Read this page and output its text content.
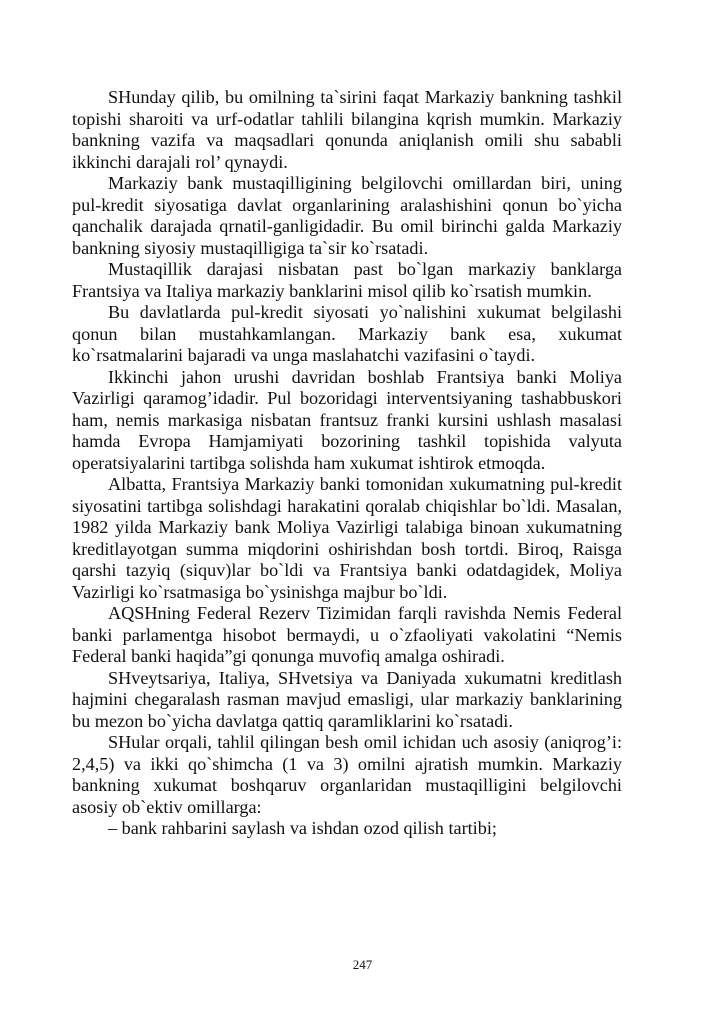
SHunday qilib, bu omilning ta`sirini faqat Markaziy bankning tashkil topishi sharoiti va urf-odatlar tahlili bilangina kqrish mumkin. Markaziy bankning vazifa va maqsadlari qonunda aniqlanish omili shu sababli ikkinchi darajali rol’ qynaydi.

Markaziy bank mustaqilligining belgilovchi omillardan biri, uning pul-kredit siyosatiga davlat organlarining aralashishini qonun bo`yicha qanchalik darajada qrnatil-ganligidadir. Bu omil birinchi galda Markaziy bankning siyosiy mustaqilligiga ta`sir ko`rsatadi.

Mustaqillik darajasi nisbatan past bo`lgan markaziy banklarga Frantsiya va Italiya markaziy banklarini misol qilib ko`rsatish mumkin.

Bu davlatlarda pul-kredit siyosati yo`nalishini xukumat belgilashi qonun bilan mustahkamlangan. Markaziy bank esa, xukumat ko`rsatmalarini bajaradi va unga maslahatchi vazifasini o`taydi.

Ikkinchi jahon urushi davridan boshlab Frantsiya banki Moliya Vazirligi qaramog’idadir. Pul bozoridagi interventsiyaning tashabbuskori ham, nemis markasiga nisbatan frantsuz franki kursini ushlash masalasi hamda Evropa Hamjamiyati bozorining tashkil topishida valyuta operatsiyalarini tartibga solishda ham xukumat ishtirok etmoqda.

Albatta, Frantsiya Markaziy banki tomonidan xukumatning pul-kredit siyosatini tartibga solishdagi harakatini qoralab chiqishlar bo`ldi. Masalan, 1982 yilda Markaziy bank Moliya Vazirligi talabiga binoan xukumatning kreditlayotgan summa miqdorini oshirishdan bosh tortdi. Biroq, Raisga qarshi tazyiq (siquv)lar bo`ldi va Frantsiya banki odatdagidek, Moliya Vazirligi ko`rsatmasiga bo`ysinishga majbur bo`ldi.

AQSHning Federal Rezerv Tizimidan farqli ravishda Nemis Federal banki parlamentga hisobot bermaydi, u o`zfaoliyati vakolatini “Nemis Federal banki haqida”gi qonunga muvofiq amalga oshiradi.

SHveytsariya, Italiya, SHvetsiya va Daniyada xukumatni kreditlash hajmini chegaralash rasman mavjud emasligi, ular markaziy banklarining bu mezon bo`yicha davlatga qattiq qaramliklarini ko`rsatadi.

SHular orqali, tahlil qilingan besh omil ichidan uch asosiy (aniqrog’i: 2,4,5) va ikki qo`shimcha (1 va 3) omilni ajratish mumkin. Markaziy bankning xukumat boshqaruv organlaridan mustaqilligini belgilovchi asosiy ob`ektiv omillarga:

– bank rahbarini saylash va ishdan ozod qilish tartibi;

247
